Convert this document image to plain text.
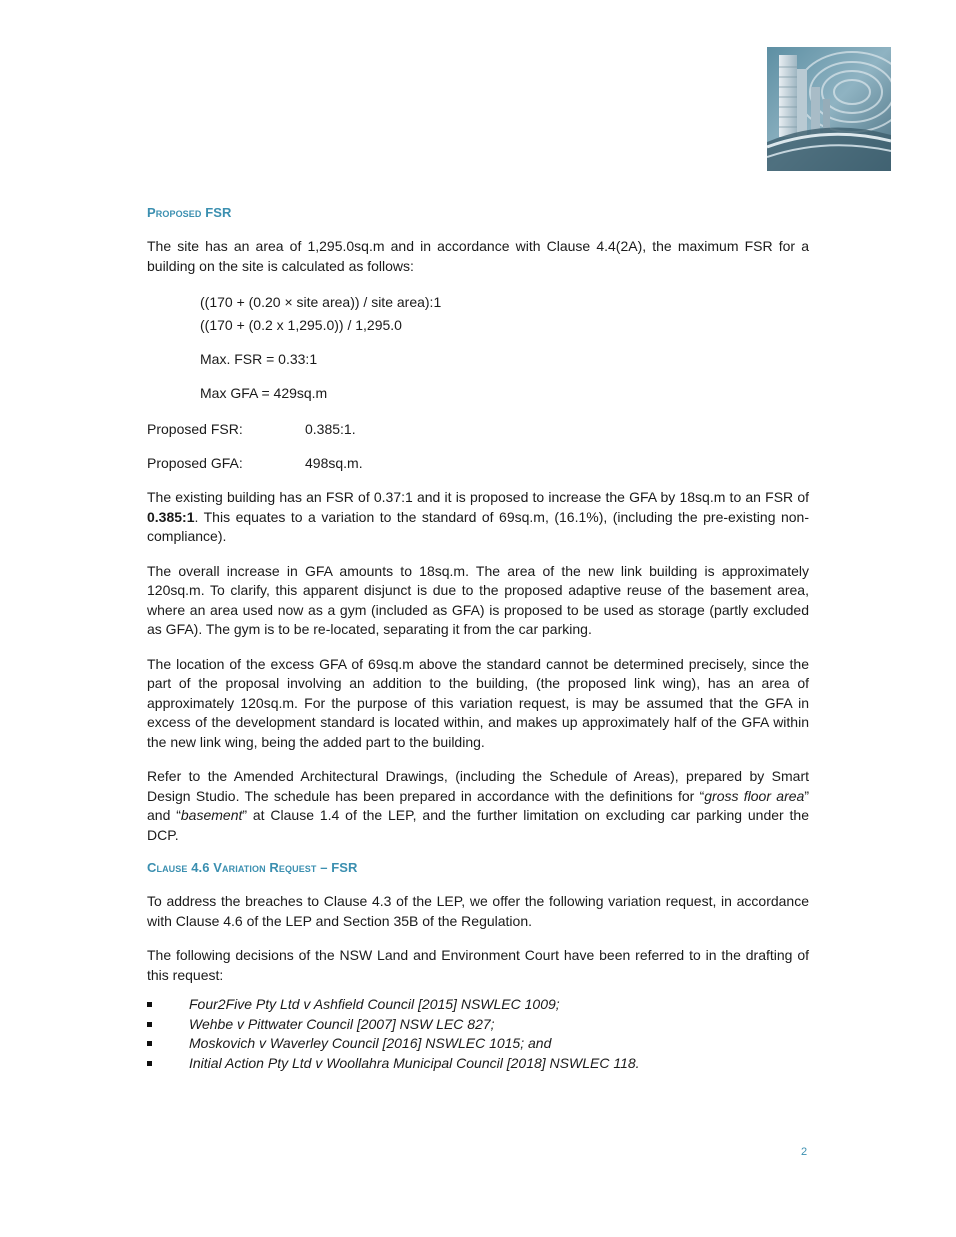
Proposed FSR

The site has an area of 1,295.0sq.m and in accordance with Clause 4.4(2A), the maximum FSR for a building on the site is calculated as follows:

((170 + (0.20 × site area)) / site area):1
((170 + (0.2 x 1,295.0)) / 1,295.0
Max. FSR = 0.33:1
Max GFA = 429sq.m
Proposed FSR:	0.385:1.
Proposed GFA:	498sq.m.

The existing building has an FSR of 0.37:1 and it is proposed to increase the GFA by 18sq.m to an FSR of 0.385:1. This equates to a variation to the standard of 69sq.m, (16.1%), (including the pre-existing non-compliance).

The overall increase in GFA amounts to 18sq.m. The area of the new link building is approximately 120sq.m. To clarify, this apparent disjunct is due to the proposed adaptive reuse of the basement area, where an area used now as a gym (included as GFA) is proposed to be used as storage (partly excluded as GFA). The gym is to be re-located, separating it from the car parking.

The location of the excess GFA of 69sq.m above the standard cannot be determined precisely, since the part of the proposal involving an addition to the building, (the proposed link wing), has an area of approximately 120sq.m. For the purpose of this variation request, is may be assumed that the GFA in excess of the development standard is located within, and makes up approximately half of the GFA within the new link wing, being the added part to the building.

Refer to the Amended Architectural Drawings, (including the Schedule of Areas), prepared by Smart Design Studio. The schedule has been prepared in accordance with the definitions for “gross floor area” and “basement” at Clause 1.4 of the LEP, and the further limitation on excluding car parking under the DCP.

Clause 4.6 Variation Request – FSR

To address the breaches to Clause 4.3 of the LEP, we offer the following variation request, in accordance with Clause 4.6 of the LEP and Section 35B of the Regulation.

The following decisions of the NSW Land and Environment Court have been referred to in the drafting of this request:

Four2Five Pty Ltd v Ashfield Council [2015] NSWLEC 1009;
Wehbe v Pittwater Council [2007] NSW LEC 827;
Moskovich v Waverley Council [2016] NSWLEC 1015; and
Initial Action Pty Ltd v Woollahra Municipal Council [2018] NSWLEC 118.
2
